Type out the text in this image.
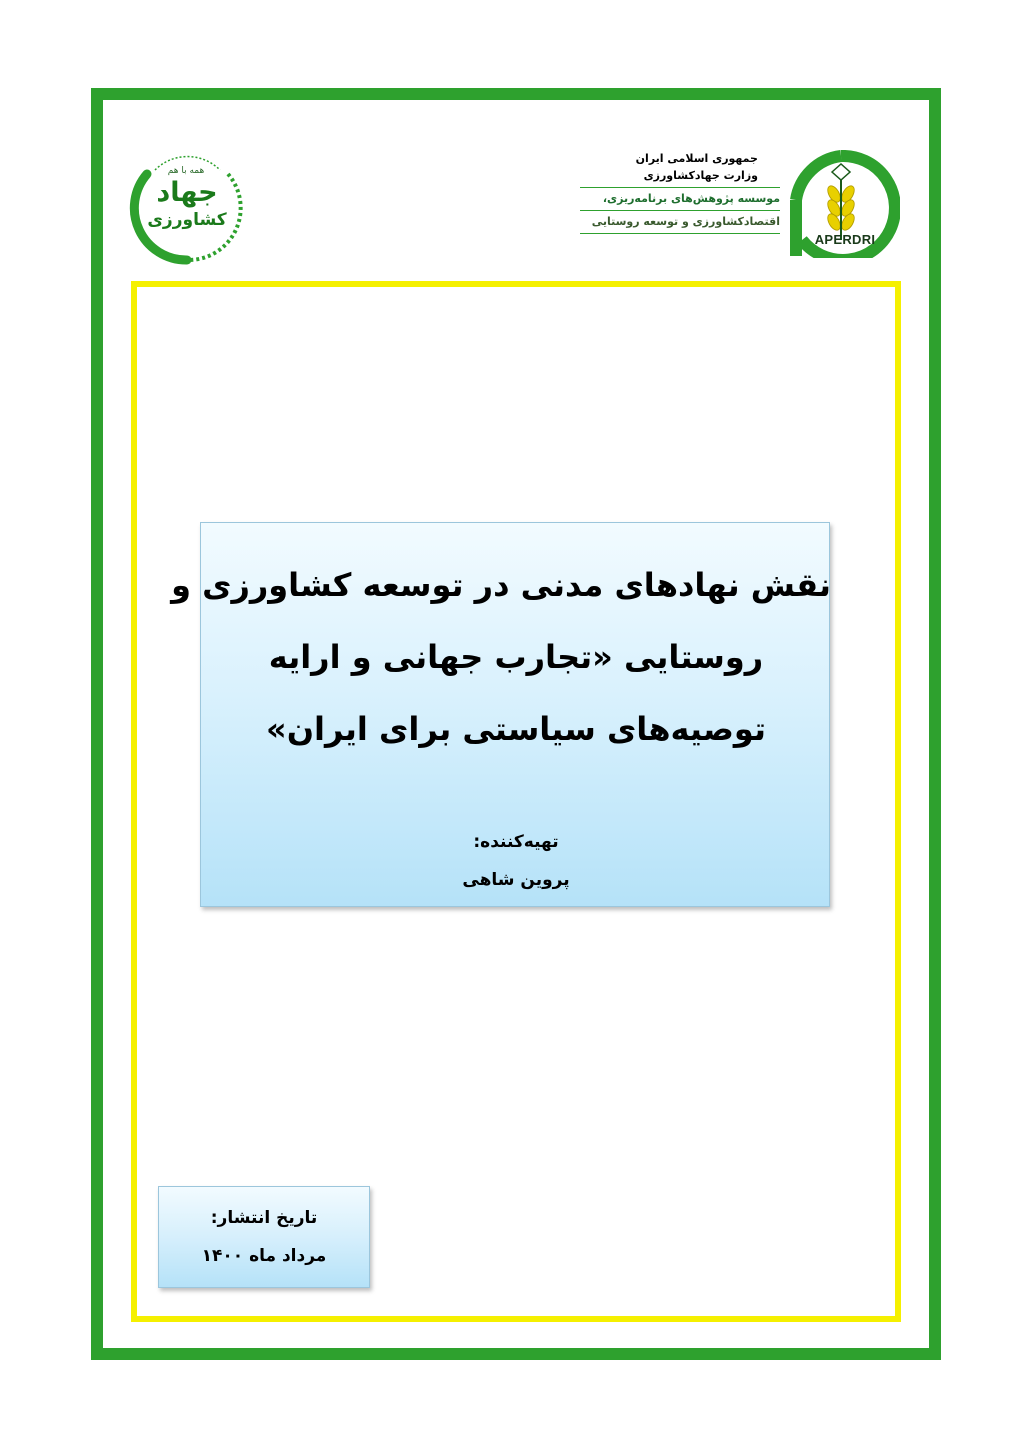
همه با هم
جهاد
کشاورزی
جمهوری اسلامی ایران
وزارت جهادکشاورزی
موسسه پژوهش‌های برنامه‌ریزی،
اقتصادکشاورزی و توسعه روستایی
APERDRI
نقش نهادهای مدنی در توسعه کشاورزی و
روستایی «تجارب جهانی و ارایه
توصیه‌های سیاستی برای ایران»
تهیه‌کننده:
پروین شاهی
تاریخ انتشار:
مرداد ماه ۱۴۰۰
